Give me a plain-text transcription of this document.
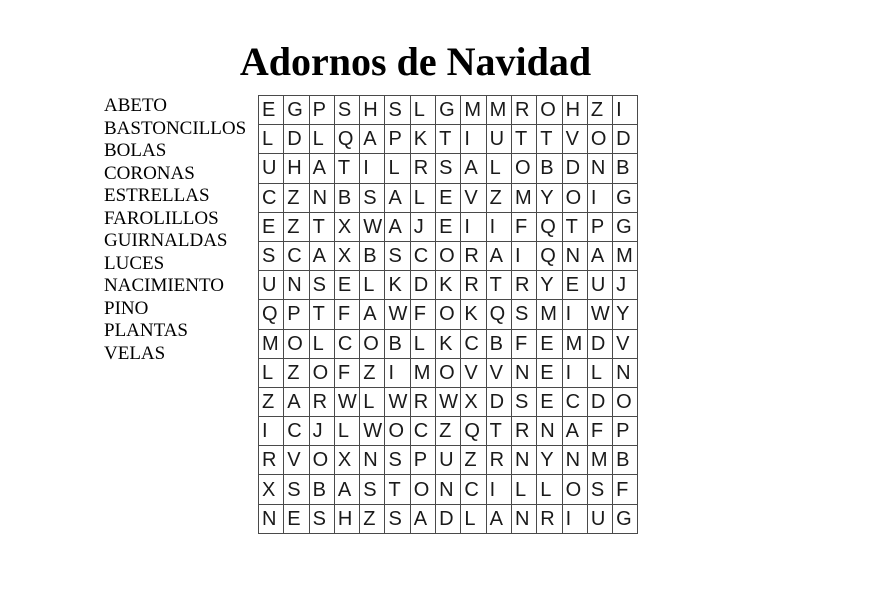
Adornos de Navidad
ABETO
BASTONCILLOS
BOLAS
CORONAS
ESTRELLAS
FAROLILLOS
GUIRNALDAS
LUCES
NACIMIENTO
PINO
PLANTAS
VELAS
E	G	P	S	H	S	L	G	M	M	R	O	H	Z	I
L	D	L	Q	A	P	K	T	I	U	T	T	V	O	D
U	H	A	T	I	L	R	S	A	L	O	B	D	N	B
C	Z	N	B	S	A	L	E	V	Z	M	Y	O	I	G
E	Z	T	X	W	A	J	E	I	I	F	Q	T	P	G
S	C	A	X	B	S	C	O	R	A	I	Q	N	A	M
U	N	S	E	L	K	D	K	R	T	R	Y	E	U	J
Q	P	T	F	A	W	F	O	K	Q	S	M	I	W	Y
M	O	L	C	O	B	L	K	C	B	F	E	M	D	V
L	Z	O	F	Z	I	M	O	V	V	N	E	I	L	N
Z	A	R	W	L	W	R	W	X	D	S	E	C	D	O
I	C	J	L	W	O	C	Z	Q	T	R	N	A	F	P
R	V	O	X	N	S	P	U	Z	R	N	Y	N	M	B
X	S	B	A	S	T	O	N	C	I	L	L	O	S	F
N	E	S	H	Z	S	A	D	L	A	N	R	I	U	G
